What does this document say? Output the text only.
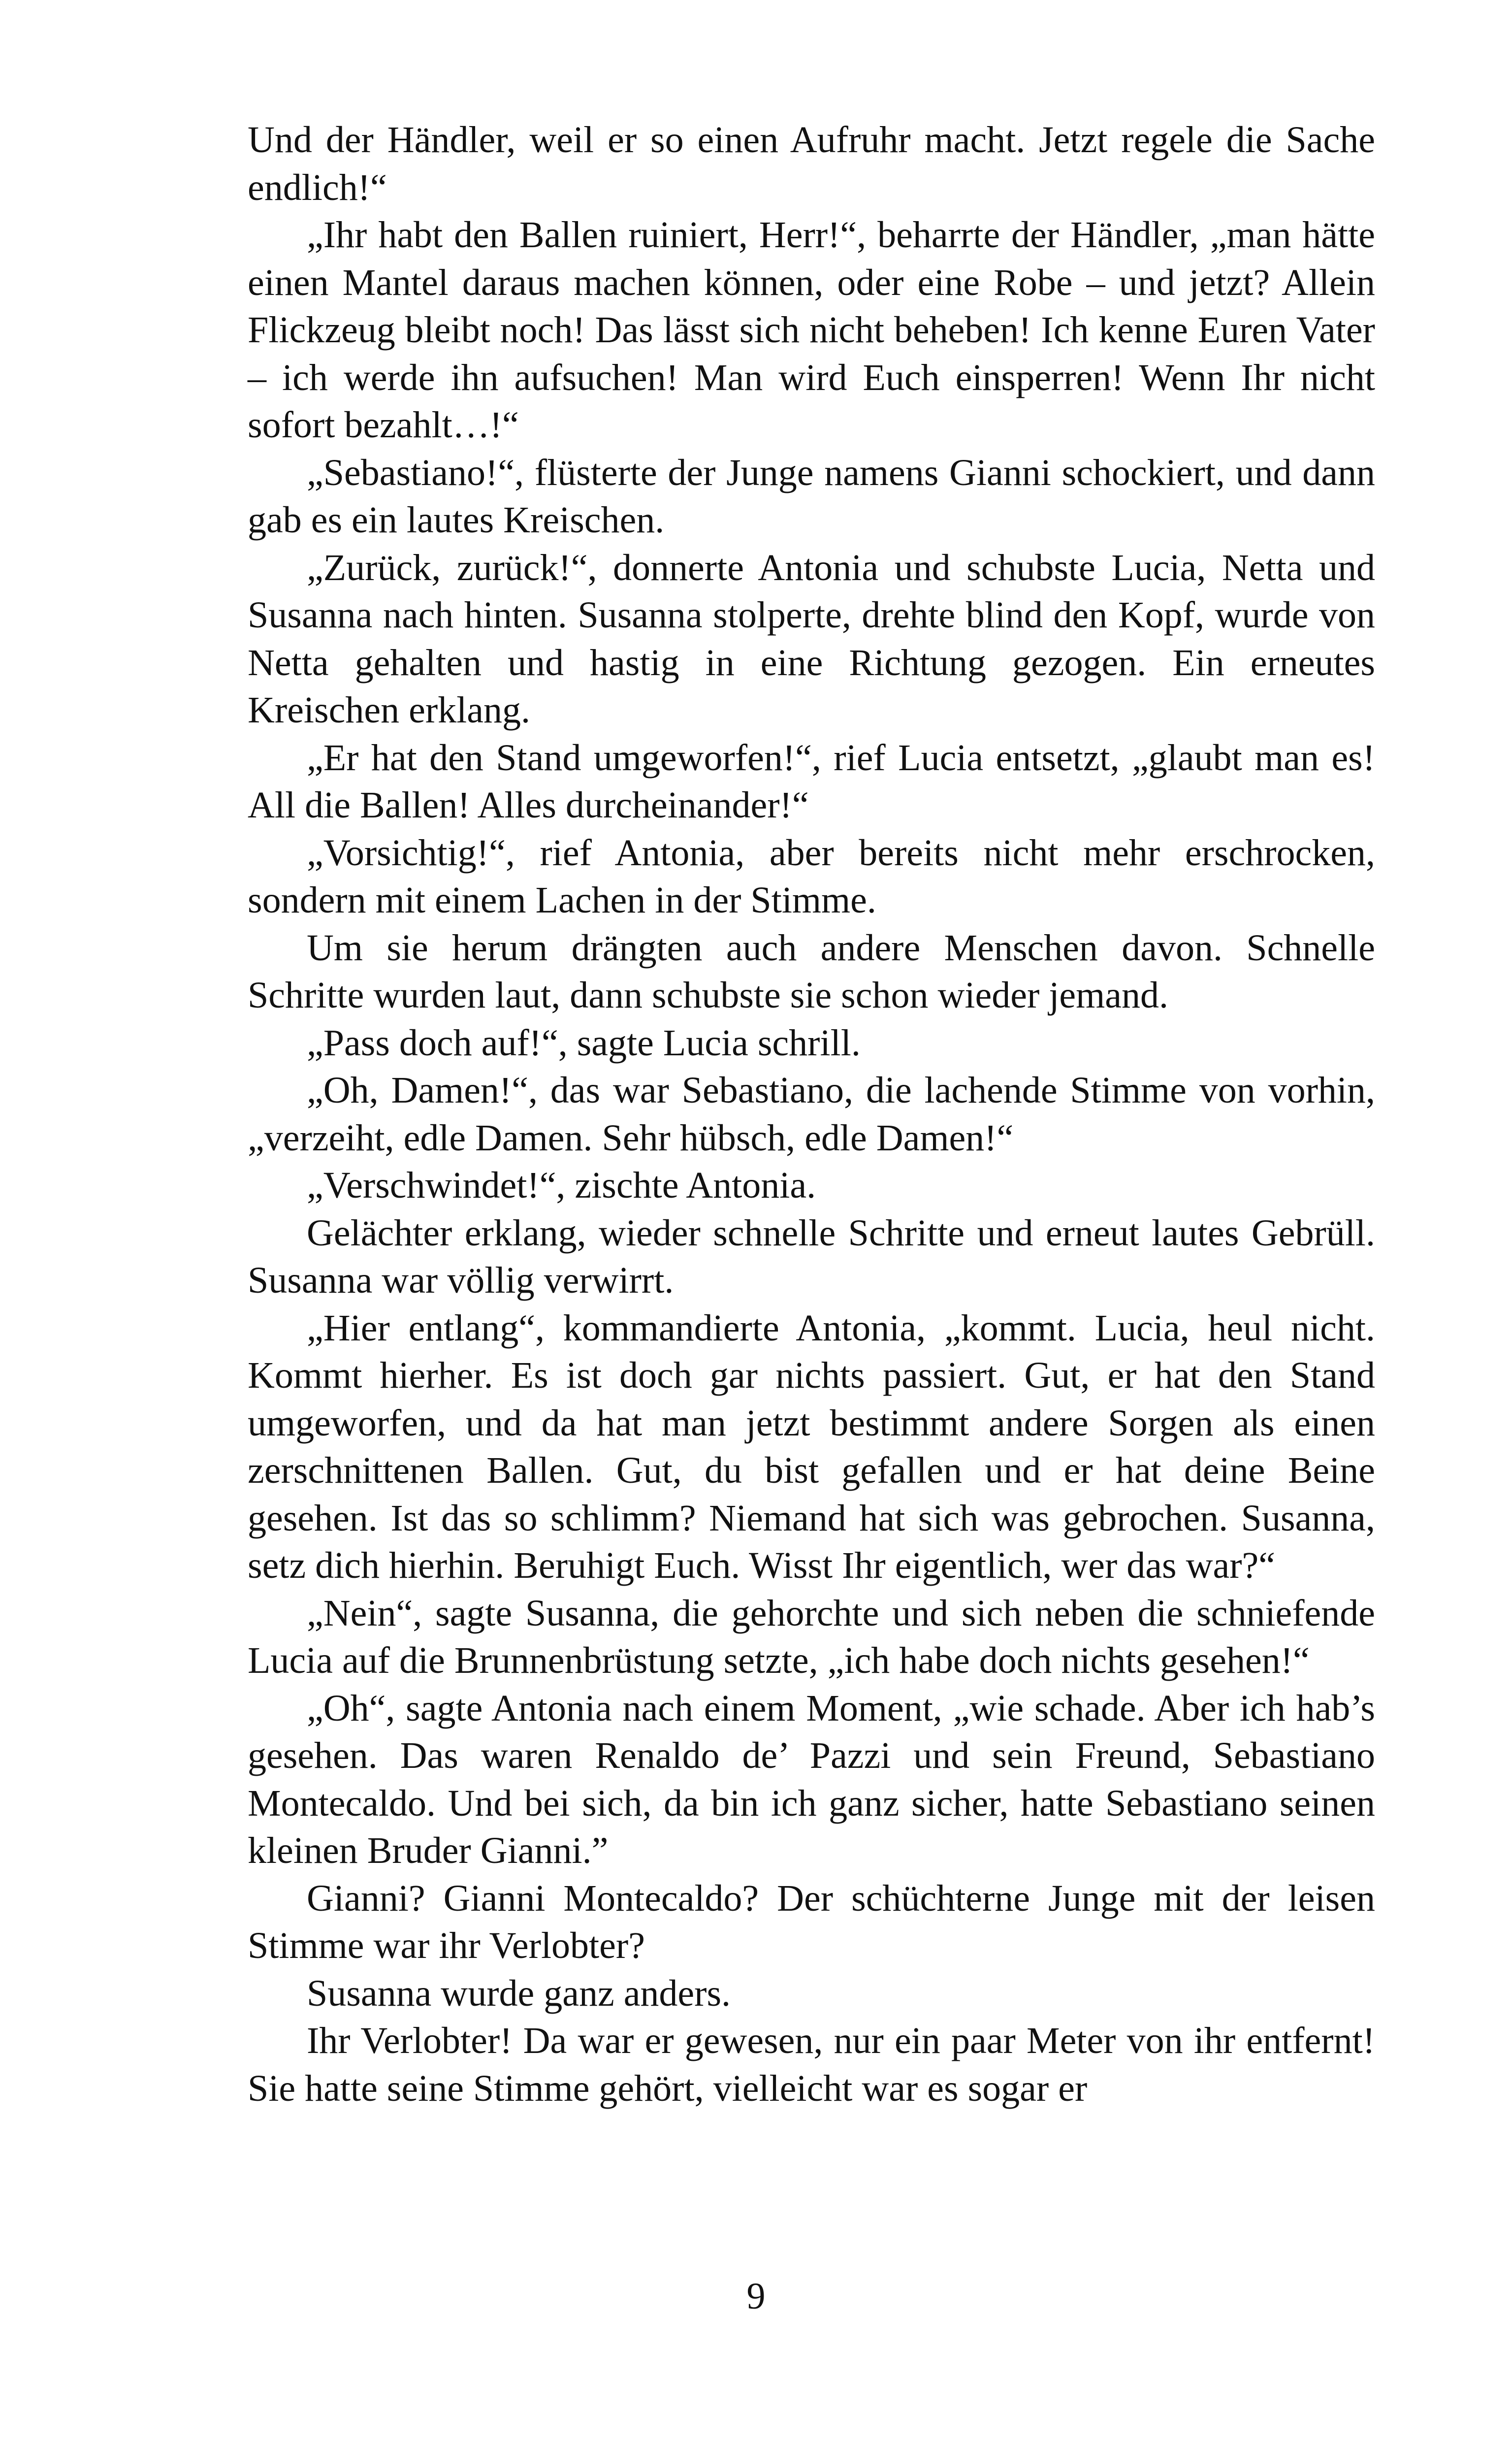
Und der Händler, weil er so einen Aufruhr macht. Jetzt regele die Sache endlich!“

„Ihr habt den Ballen ruiniert, Herr!“, beharrte der Händler, „man hätte einen Mantel daraus machen können, oder eine Robe – und jetzt? Allein Flickzeug bleibt noch! Das lässt sich nicht beheben! Ich kenne Euren Vater – ich werde ihn aufsuchen! Man wird Euch einsperren! Wenn Ihr nicht sofort bezahlt…!“

„Sebastiano!“, flüsterte der Junge namens Gianni schockiert, und dann gab es ein lautes Kreischen.

„Zurück, zurück!“, donnerte Antonia und schubste Lucia, Netta und Susanna nach hinten. Susanna stolperte, drehte blind den Kopf, wurde von Netta gehalten und hastig in eine Richtung gezogen. Ein erneutes Kreischen erklang.

„Er hat den Stand umgeworfen!“, rief Lucia entsetzt, „glaubt man es! All die Ballen! Alles durcheinander!“

„Vorsichtig!“, rief Antonia, aber bereits nicht mehr erschrocken, sondern mit einem Lachen in der Stimme.

Um sie herum drängten auch andere Menschen davon. Schnelle Schritte wurden laut, dann schubste sie schon wieder jemand.

„Pass doch auf!“, sagte Lucia schrill.

„Oh, Damen!“, das war Sebastiano, die lachende Stimme von vorhin, „verzeiht, edle Damen. Sehr hübsch, edle Damen!“

„Verschwindet!“, zischte Antonia.

Gelächter erklang, wieder schnelle Schritte und erneut lautes Gebrüll. Susanna war völlig verwirrt.

„Hier entlang“, kommandierte Antonia, „kommt. Lucia, heul nicht. Kommt hierher. Es ist doch gar nichts passiert. Gut, er hat den Stand umgeworfen, und da hat man jetzt bestimmt andere Sorgen als einen zerschnittenen Ballen. Gut, du bist gefallen und er hat deine Beine gesehen. Ist das so schlimm? Niemand hat sich was gebrochen. Susanna, setz dich hierhin. Beruhigt Euch. Wisst Ihr eigentlich, wer das war?“

„Nein“, sagte Susanna, die gehorchte und sich neben die schniefende Lucia auf die Brunnenbrüstung setzte, „ich habe doch nichts gesehen!“

„Oh“, sagte Antonia nach einem Moment, „wie schade. Aber ich hab’s gesehen. Das waren Renaldo de’ Pazzi und sein Freund, Sebastiano Montecaldo. Und bei sich, da bin ich ganz sicher, hatte Sebastiano seinen kleinen Bruder Gianni.”

Gianni? Gianni Montecaldo? Der schüchterne Junge mit der leisen Stimme war ihr Verlobter?

Susanna wurde ganz anders.

Ihr Verlobter! Da war er gewesen, nur ein paar Meter von ihr entfernt! Sie hatte seine Stimme gehört, vielleicht war es sogar er

9
